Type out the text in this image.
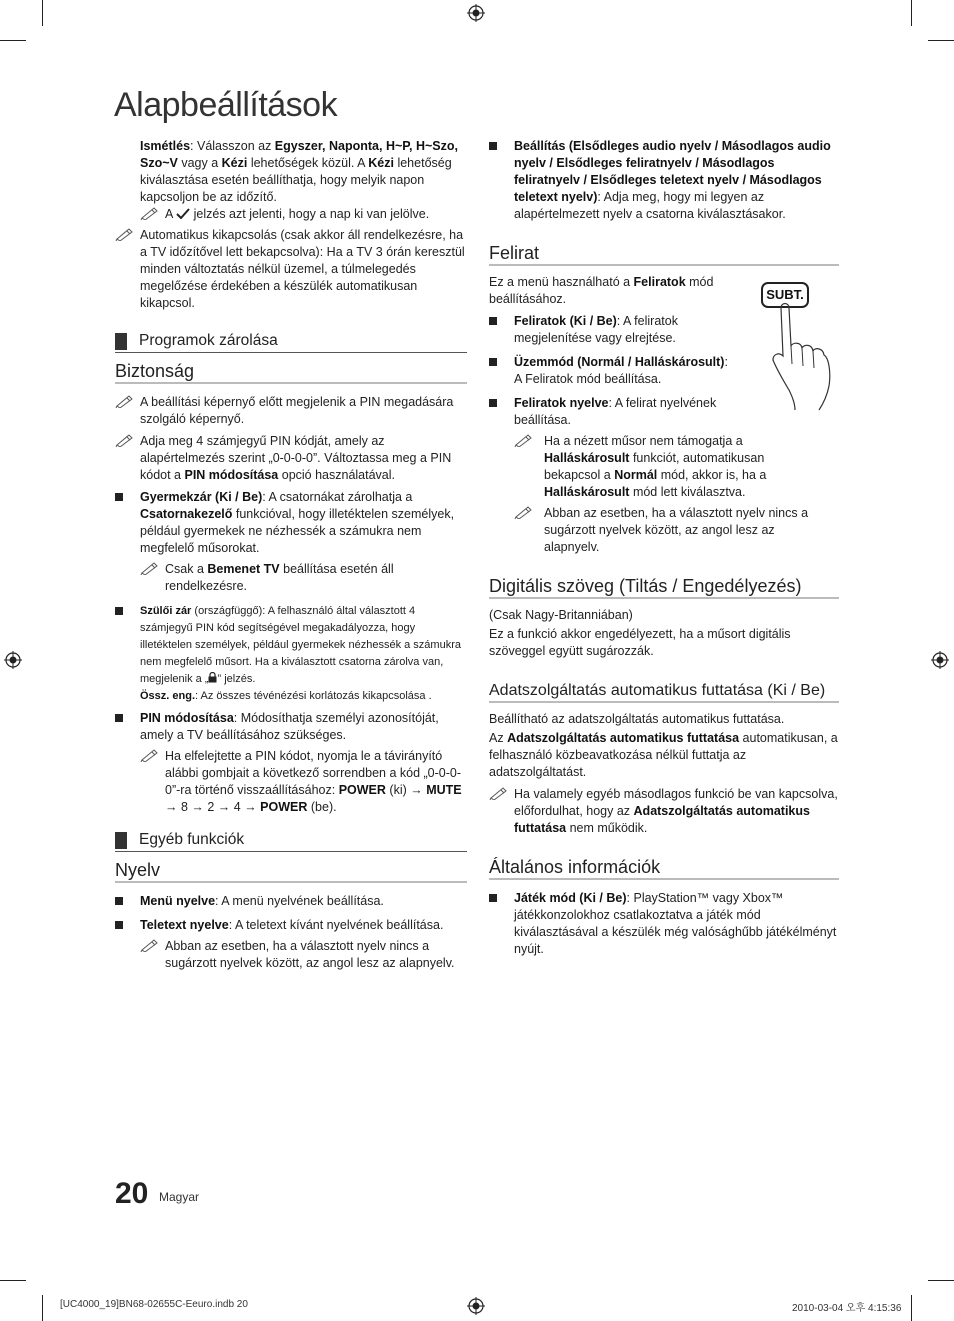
Alapbeállítások

Ismétlés: Válasszon az Egyszer, Naponta, H~P, H~Szo, Szo~V vagy a Kézi lehetőségek közül. A Kézi lehetőség kiválasztása esetén beállíthatja, hogy melyik napon kapcsoljon be az időzítő.

A jelzés azt jelenti, hogy a nap ki van jelölve.
Automatikus kikapcsolás (csak akkor áll rendelkezésre, ha a TV időzítővel lett bekapcsolva): Ha a TV 3 órán keresztül minden változtatás nélkül üzemel, a túlmelegedés megelőzése érdekében a készülék automatikusan kikapcsol.
Programok zárolása
Biztonság
A beállítási képernyő előtt megjelenik a PIN megadására szolgáló képernyő.
Adja meg 4 számjegyű PIN kódját, amely az alapértelmezés szerint „0-0-0-0”. Változtassa meg a PIN kódot a PIN módosítása opció használatával.
Gyermekzár (Ki / Be): A csatornákat zárolhatja a Csatornakezelő funkcióval, hogy illetéktelen személyek, például gyermekek ne nézhessék a számukra nem megfelelő műsorokat.
Csak a Bemenet TV beállítása esetén áll rendelkezésre.
Szülői zár (országfüggő): A felhasználó által választott 4 számjegyű PIN kód segítségével megakadályozza, hogy illetéktelen személyek, például gyermekek nézhessék a számukra nem megfelelő műsort. Ha a kiválasztott csatorna zárolva van, megjelenik a „ ” jelzés.
Össz. eng.: Az összes tévénézési korlátozás kikapcsolása .
PIN módosítása: Módosíthatja személyi azonosítóját, amely a TV beállításához szükséges.
Ha elfelejtette a PIN kódot, nyomja le a távirányító alábbi gombjait a következő sorrendben a kód „0-0-0-0”-ra történő visszaállításához: POWER (ki) → MUTE → 8 → 2 → 4 → POWER (be).
Egyéb funkciók
Nyelv
Menü nyelve: A menü nyelvének beállítása.
Teletext nyelve: A teletext kívánt nyelvének beállítása.
Abban az esetben, ha a választott nyelv nincs a sugárzott nyelvek között, az angol lesz az alapnyelv.
Beállítás (Elsődleges audio nyelv / Másodlagos audio nyelv / Elsődleges feliratnyelv / Másodlagos feliratnyelv / Elsődleges teletext nyelv / Másodlagos teletext nyelv): Adja meg, hogy mi legyen az alapértelmezett nyelv a csatorna kiválasztásakor.
Felirat
SUBT.

Ez a menü használható a Feliratok mód beállításához.

Feliratok (Ki / Be): A feliratok megjelenítése vagy elrejtése.
Üzemmód (Normál / Halláskárosult): A Feliratok mód beállítása.
Feliratok nyelve: A felirat nyelvének beállítása.
Ha a nézett műsor nem támogatja a Halláskárosult funkciót, automatikusan bekapcsol a Normál mód, akkor is, ha a Halláskárosult mód lett kiválasztva.
Abban az esetben, ha a választott nyelv nincs a sugárzott nyelvek között, az angol lesz az alapnyelv.
Digitális szöveg (Tiltás / Engedélyezés)

(Csak Nagy-Britanniában)

Ez a funkció akkor engedélyezett, ha a műsort digitális szöveggel együtt sugározzák.

Adatszolgáltatás automatikus futtatása (Ki / Be)

Beállítható az adatszolgáltatás automatikus futtatása.

Az Adatszolgáltatás automatikus futtatása automatikusan, a felhasználó közbeavatkozása nélkül futtatja az adatszolgáltatást.

Ha valamely egyéb másodlagos funkció be van kapcsolva, előfordulhat, hogy az Adatszolgáltatás automatikus futtatása nem működik.
Általános információk
Játék mód (Ki / Be): PlayStation™ vagy Xbox™ játékkonzolokhoz csatlakoztatva a játék mód kiválasztásával a készülék még valósághűbb játékélményt nyújt.
20 Magyar
[UC4000_19]BN68-02655C-Eeuro.indb 20	2010-03-04 오후 4:15:36
